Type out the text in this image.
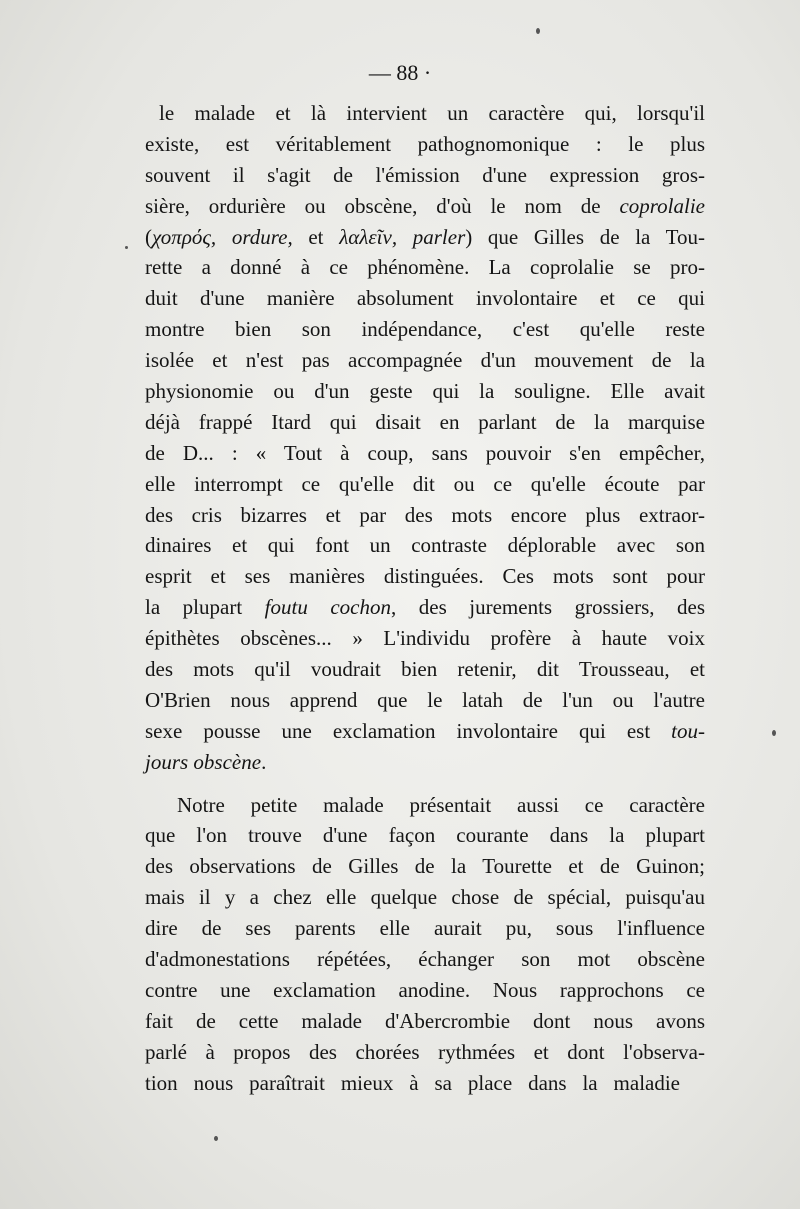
— 88 ·
le malade et là intervient un caractère qui, lorsqu'il
existe, est véritablement pathognomonique : le plus
souvent il s'agit de l'émission d'une expression gros-
sière, ordurière ou obscène, d'où le nom de coprolalie
(χοπρός, ordure, et λαλεῖν, parler) que Gilles de la Tou-
rette a donné à ce phénomène. La coprolalie se pro-
duit d'une manière absolument involontaire et ce qui
montre bien son indépendance, c'est qu'elle reste
isolée et n'est pas accompagnée d'un mouvement de la
physionomie ou d'un geste qui la souligne. Elle avait
déjà frappé Itard qui disait en parlant de la marquise
de D... : « Tout à coup, sans pouvoir s'en empêcher,
elle interrompt ce qu'elle dit ou ce qu'elle écoute par
des cris bizarres et par des mots encore plus extraor-
dinaires et qui font un contraste déplorable avec son
esprit et ses manières distinguées. Ces mots sont pour
la plupart foutu cochon, des jurements grossiers, des
épithètes obscènes... » L'individu profère à haute voix
des mots qu'il voudrait bien retenir, dit Trousseau, et
O'Brien nous apprend que le latah de l'un ou l'autre
sexe pousse une exclamation involontaire qui est tou-
jours obscène.
Notre petite malade présentait aussi ce caractère
que l'on trouve d'une façon courante dans la plupart
des observations de Gilles de la Tourette et de Guinon;
mais il y a chez elle quelque chose de spécial, puisqu'au
dire de ses parents elle aurait pu, sous l'influence
d'admonestations répétées, échanger son mot obscène
contre une exclamation anodine. Nous rapprochons ce
fait de cette malade d'Abercrombie dont nous avons
parlé à propos des chorées rythmées et dont l'observa-
tion nous paraîtrait mieux à sa place dans la maladie
